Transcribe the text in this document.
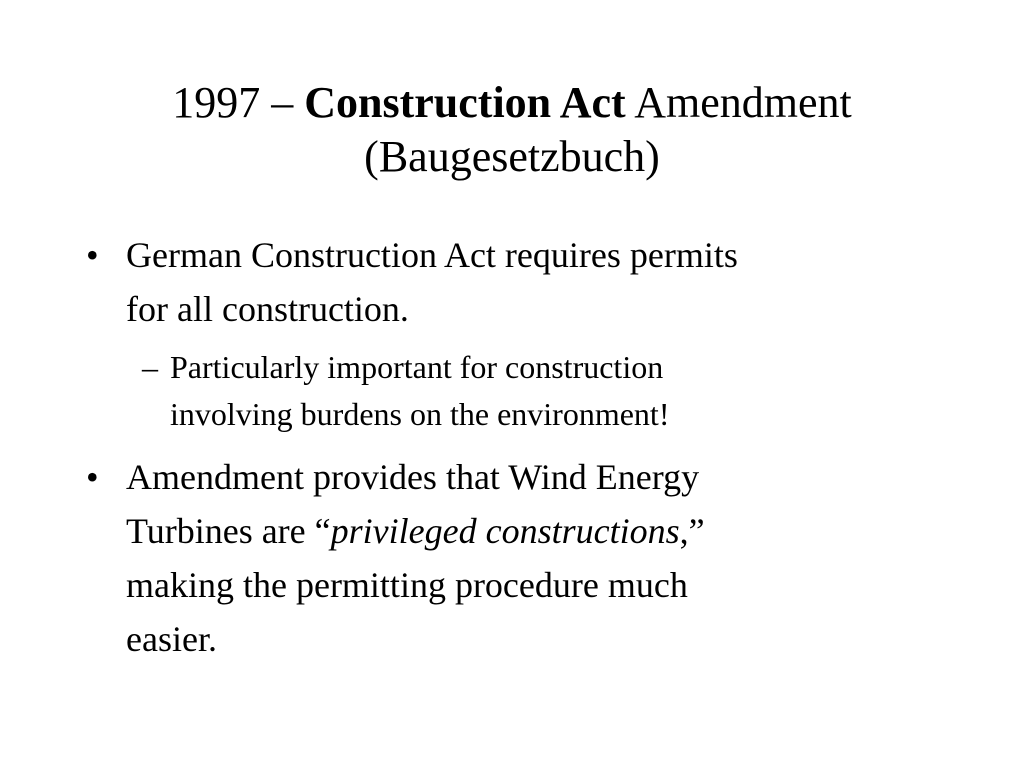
1997 – Construction Act Amendment
(Baugesetzbuch)
• German Construction Act requires permits
for all construction.
– Particularly important for construction
involving burdens on the environment!
• Amendment provides that Wind Energy
Turbines are “privileged constructions,”
making the permitting procedure much
easier.
